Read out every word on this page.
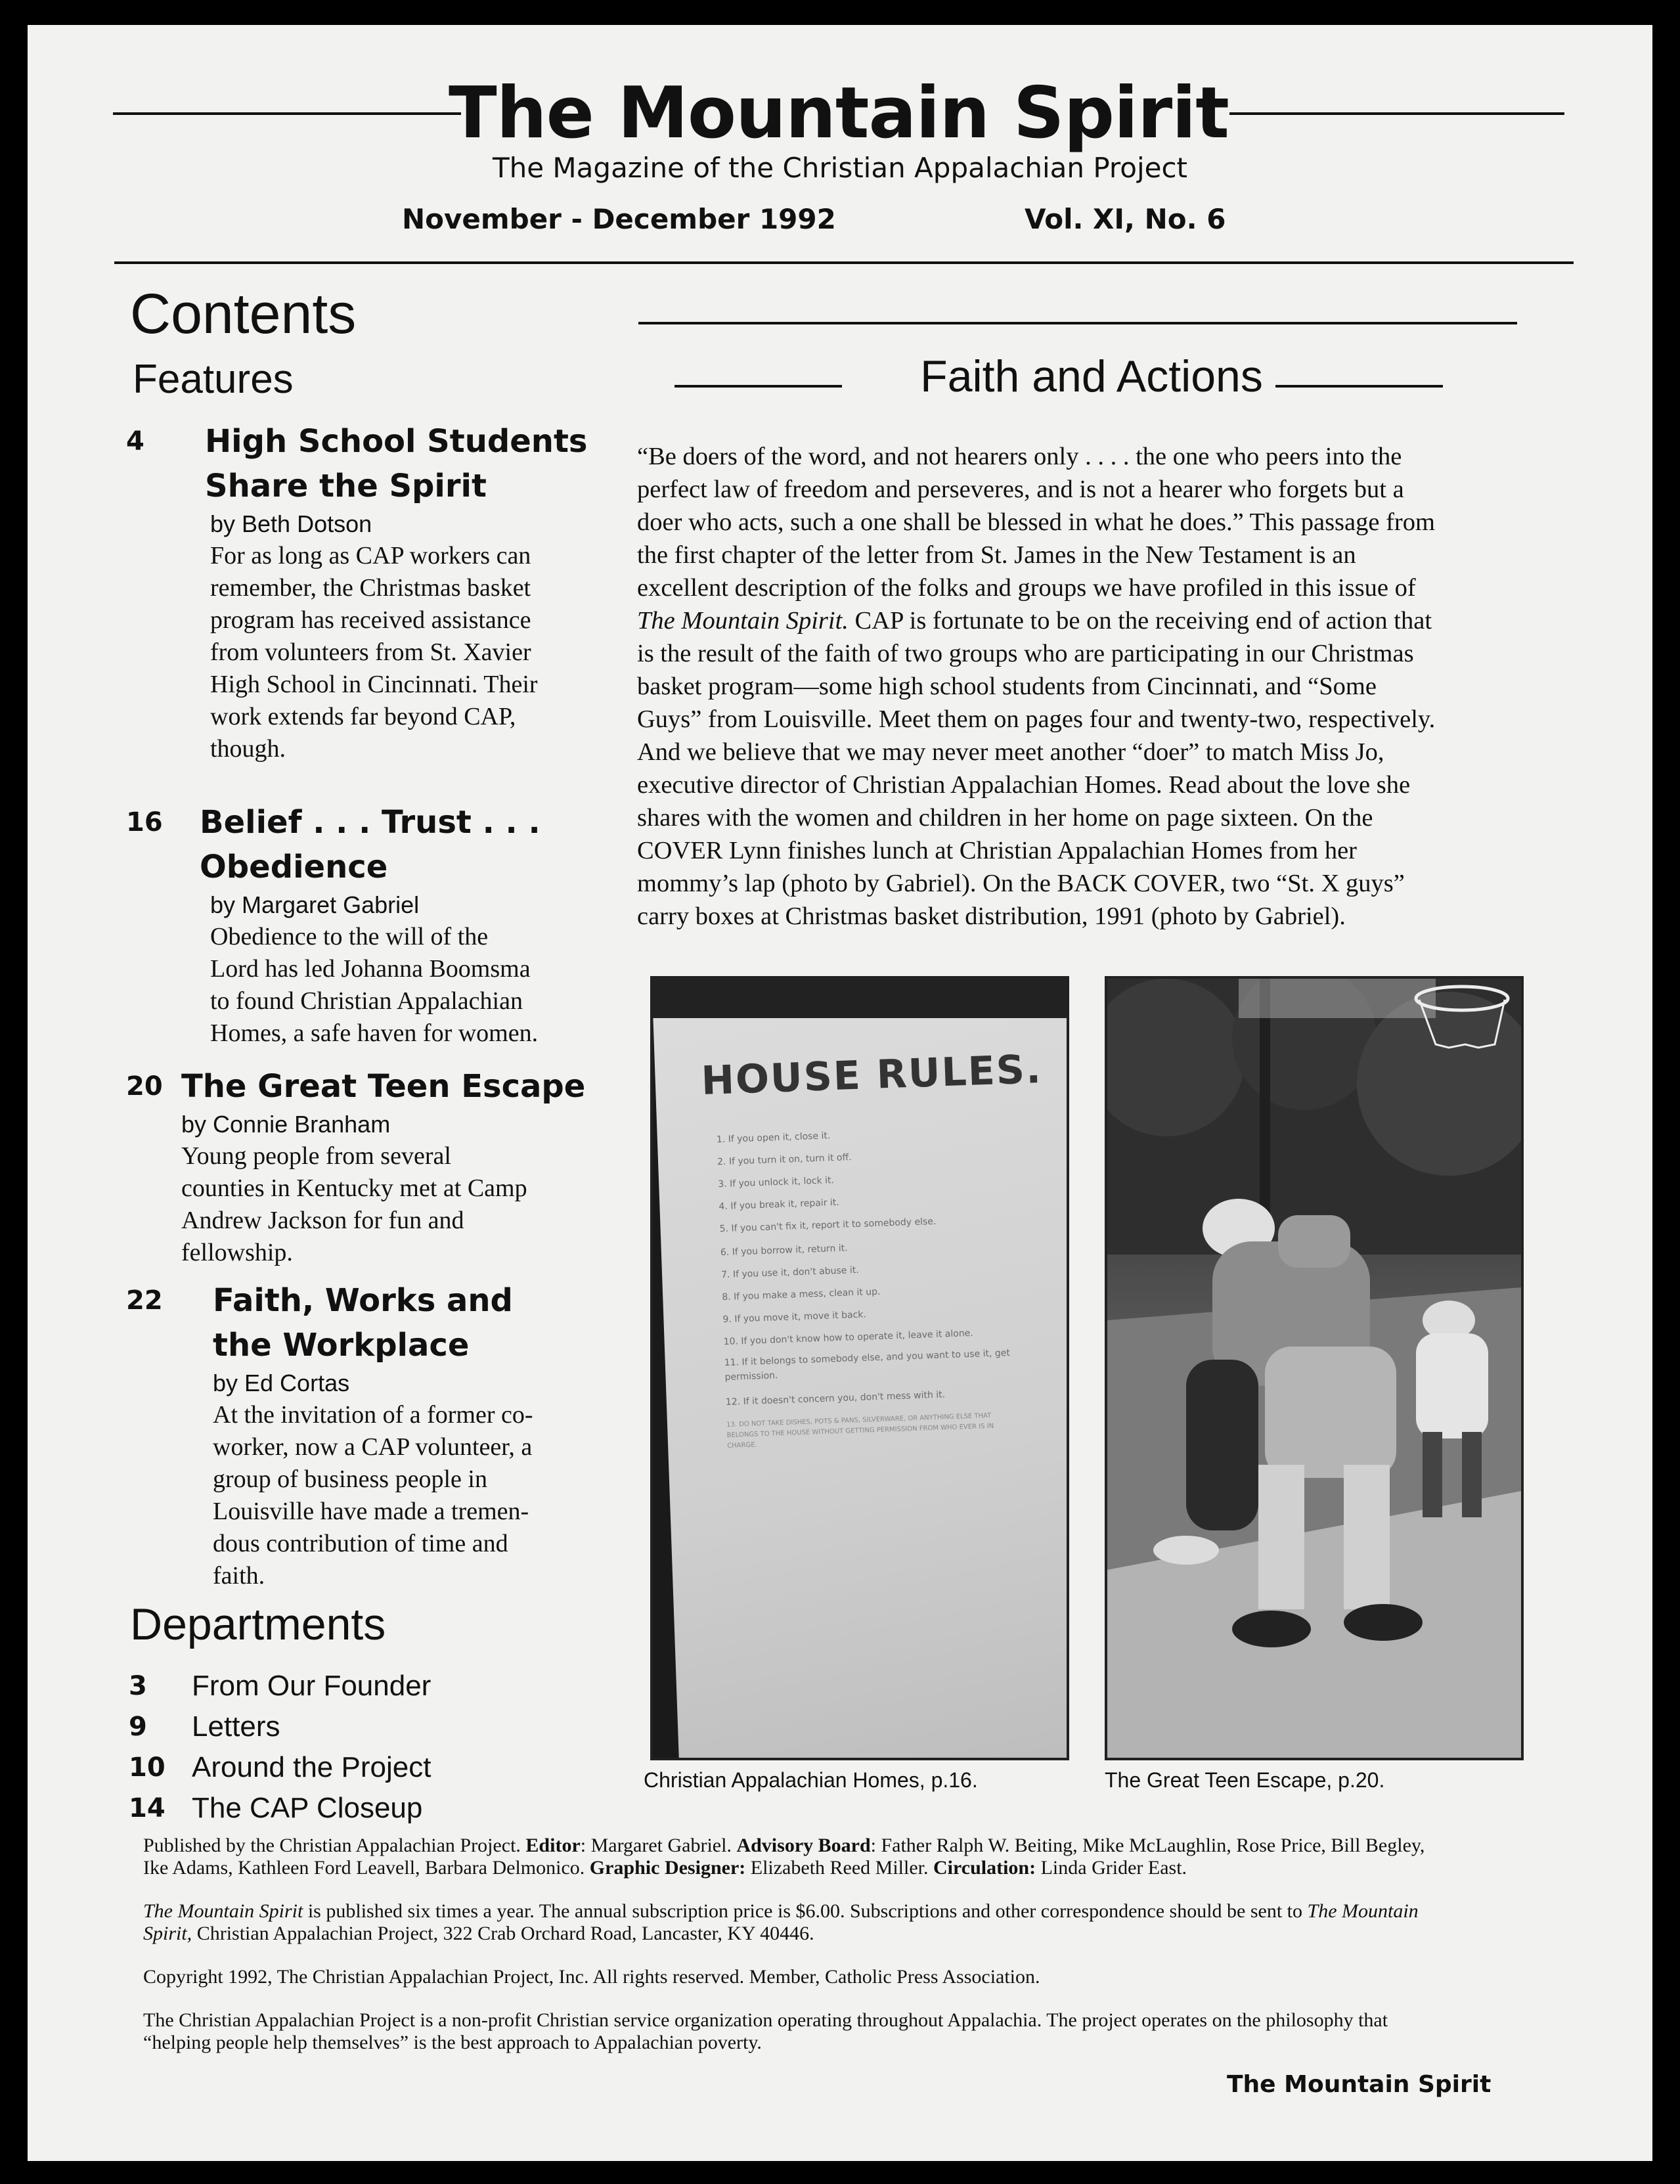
The Mountain Spirit
The Magazine of the Christian Appalachian Project
November - December 1992	Vol. XI, No. 6
Contents
Features
4 High School Students
Share the Spirit
by Beth Dotson
For as long as CAP workers can
remember, the Christmas basket
program has received assistance
from volunteers from St. Xavier
High School in Cincinnati. Their
work extends far beyond CAP,
though.
16 Belief . . . Trust . . .
Obedience
by Margaret Gabriel
Obedience to the will of the
Lord has led Johanna Boomsma
to found Christian Appalachian
Homes, a safe haven for women.
20 The Great Teen Escape
by Connie Branham
Young people from several
counties in Kentucky met at Camp
Andrew Jackson for fun and
fellowship.
22 Faith, Works and
the Workplace
by Ed Cortas
At the invitation of a former co-
worker, now a CAP volunteer, a
group of business people in
Louisville have made a tremen-
dous contribution of time and
faith.
Departments
3 From Our Founder
9 Letters
10 Around the Project
14 The CAP Closeup
Faith and Actions

“Be doers of the word, and not hearers only . . . . the one who peers into the

perfect law of freedom and perseveres, and is not a hearer who forgets but a

doer who acts, such a one shall be blessed in what he does.” This passage from

the first chapter of the letter from St. James in the New Testament is an

excellent description of the folks and groups we have profiled in this issue of

The Mountain Spirit. CAP is fortunate to be on the receiving end of action that

is the result of the faith of two groups who are participating in our Christmas

basket program—some high school students from Cincinnati, and “Some

Guys” from Louisville. Meet them on pages four and twenty-two, respectively.

And we believe that we may never meet another “doer” to match Miss Jo,

executive director of Christian Appalachian Homes. Read about the love she

shares with the women and children in her home on page sixteen. On the

COVER Lynn finishes lunch at Christian Appalachian Homes from her

mommy’s lap (photo by Gabriel). On the BACK COVER, two “St. X guys”

carry boxes at Christmas basket distribution, 1991 (photo by Gabriel).

HOUSE RULES.
1. If you open it, close it.
2. If you turn it on, turn it off.
3. If you unlock it, lock it.
4. If you break it, repair it.
5. If you can't fix it, report it to somebody else.
6. If you borrow it, return it.
7. If you use it, don't abuse it.
8. If you make a mess, clean it up.
9. If you move it, move it back.
10. If you don't know how to operate it, leave it alone.
11. If it belongs to somebody else, and you want to use it, get permission.
12. If it doesn't concern you, don't mess with it.
13. DO NOT TAKE DISHES, POTS & PANS, SILVERWARE, OR ANYTHING ELSE THAT BELONGS TO THE HOUSE WITHOUT GETTING PERMISSION FROM WHO EVER IS IN CHARGE.
Christian Appalachian Homes, p.16.	The Great Teen Escape, p.20.

Published by the Christian Appalachian Project. Editor: Margaret Gabriel. Advisory Board: Father Ralph W. Beiting, Mike McLaughlin, Rose Price, Bill Begley,
Ike Adams, Kathleen Ford Leavell, Barbara Delmonico. Graphic Designer: Elizabeth Reed Miller. Circulation: Linda Grider East.

The Mountain Spirit is published six times a year. The annual subscription price is $6.00. Subscriptions and other correspondence should be sent to The Mountain
Spirit, Christian Appalachian Project, 322 Crab Orchard Road, Lancaster, KY 40446.

Copyright 1992, The Christian Appalachian Project, Inc. All rights reserved. Member, Catholic Press Association.

The Christian Appalachian Project is a non-profit Christian service organization operating throughout Appalachia. The project operates on the philosophy that
“helping people help themselves” is the best approach to Appalachian poverty.

The Mountain Spirit
